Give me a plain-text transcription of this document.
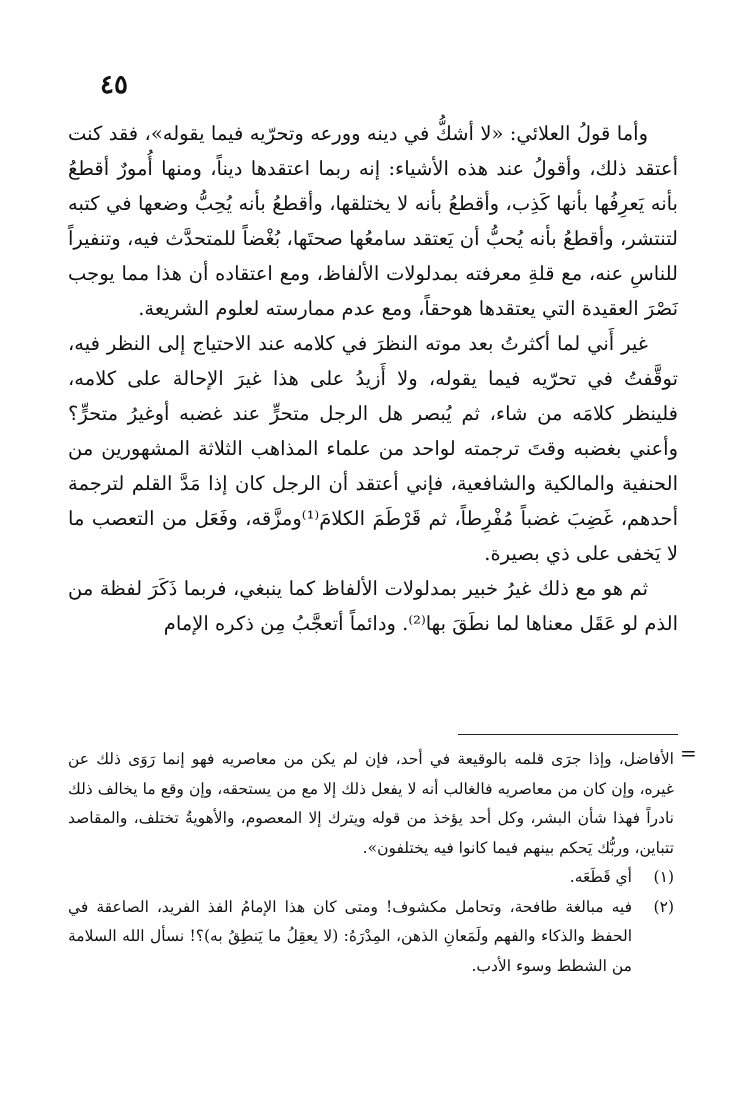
٤٥

وأما قولُ العلائي: «لا أشكُّ في دينه وورعه وتحرّيه فيما يقوله»، فقد كنت أعتقد ذلك، وأقولُ عند هذه الأشياء: إنه ربما اعتقدها ديناً، ومنها أُمورٌ أقطعُ بأنه يَعرِفُها بأنها كَذِب، وأقطعُ بأنه لا يختلقها، وأقطعُ بأنه يُحِبُّ وضعها في كتبه لتنتشر، وأقطعُ بأنه يُحبُّ أن يَعتقد سامعُها صحتَها، بُغْضاً للمتحدَّث فيه، وتنفيراً للناسِ عنه، مع قلةِ معرفته بمدلولات الألفاظ، ومع اعتقاده أن هذا مما يوجب نَصْرَ العقيدة التي يعتقدها هوحقاً، ومع عدم ممارسته لعلوم الشريعة.

غير أَني لما أكثرتُ بعد موته النظرَ في كلامه عند الاحتياج إلى النظر فيه، توقَّفتُ في تحرّيه فيما يقوله، ولا أَزيدُ على هذا غيرَ الإحالة على كلامه، فلينظر كلامَه من شاء، ثم يُبصر هل الرجل متحرٍّ عند غضبه أوغيرُ متحرٍّ؟ وأعني بغضبه وقتَ ترجمته لواحد من علماء المذاهب الثلاثة المشهورين من الحنفية والمالكية والشافعية، فإني أعتقد أن الرجل كان إذا مَدَّ القلم لترجمة أحدهم، غَضِبَ غضباً مُفْرِطاً، ثم قَرْطَمَ الكلامَ⁽¹⁾ومزَّقه، وفَعَل من التعصب ما لا يَخفى على ذي بصيرة.

ثم هو مع ذلك غيرُ خبير بمدلولات الألفاظ كما ينبغي، فربما ذَكَرَ لفظة من الذم لو عَقَل معناها لما نطَقَ بها⁽²⁾. ودائماً أتعجَّبُ مِن ذكره الإمام

=

الأفاضل، وإذا جرَى قلمه بالوقيعة في أحد، فإن لم يكن من معاصريه فهو إنما رَوَى ذلك عن غيره، وإن كان من معاصريه فالغالب أنه لا يفعل ذلك إلا مع من يستحقه، وإن وقع ما يخالف ذلك نادراً فهذا شأن البشر، وكل أحد يؤخذ من قوله ويترك إلا المعصوم، والأهويةُ تختلف، والمقاصد تتباين، وربُّك يَحكم بينهم فيما كانوا فيه يختلفون».

(١)
أي قَطَعَه.
(٢)
فيه مبالغة طافحة، وتحامل مكشوف! ومتى كان هذا الإمامُ الفذ الفريد، الصاعقة في الحفظ والذكاء والفهم ولَمَعانِ الذهن، المِدْرَهُ: (لا يعقِلُ ما يَنطِقُ به)؟! نسأل الله السلامة من الشطط وسوء الأدب.
